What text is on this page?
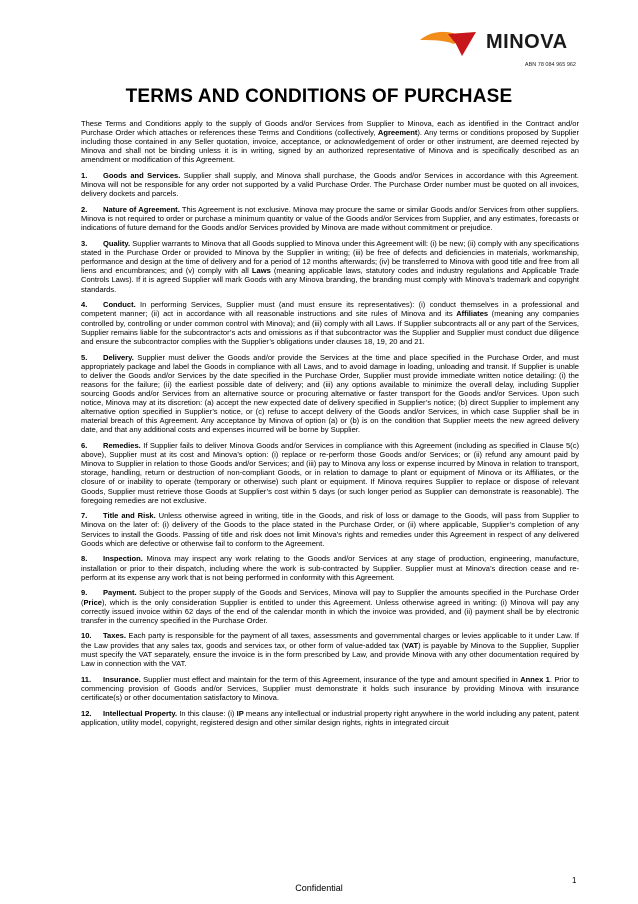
MINOVA
ABN 78 084 965 962
TERMS AND CONDITIONS OF PURCHASE

These Terms and Conditions apply to the supply of Goods and/or Services from Supplier to Minova, each as identified in the Contract and/or Purchase Order which attaches or references these Terms and Conditions (collectively, Agreement). Any terms or conditions proposed by Supplier including those contained in any Seller quotation, invoice, acceptance, or acknowledgement of order or other instrument, are deemed rejected by Minova and shall not be binding unless it is in writing, signed by an authorized representative of Minova and is specifically described as an amendment or modification of this Agreement.

1. Goods and Services. Supplier shall supply, and Minova shall purchase, the Goods and/or Services in accordance with this Agreement. Minova will not be responsible for any order not supported by a valid Purchase Order. The Purchase Order number must be quoted on all invoices, delivery dockets and parcels.

2. Nature of Agreement. This Agreement is not exclusive. Minova may procure the same or similar Goods and/or Services from other suppliers. Minova is not required to order or purchase a minimum quantity or value of the Goods and/or Services from Supplier, and any estimates, forecasts or indications of future demand for the Goods and/or Services provided by Minova are made without commitment or prejudice.

3. Quality. Supplier warrants to Minova that all Goods supplied to Minova under this Agreement will: (i) be new; (ii) comply with any specifications stated in the Purchase Order or provided to Minova by the Supplier in writing; (iii) be free of defects and deficiencies in materials, workmanship, performance and design at the time of delivery and for a period of 12 months afterwards; (iv) be transferred to Minova with good title and free from all liens and encumbrances; and (v) comply with all Laws (meaning applicable laws, statutory codes and industry regulations and Applicable Trade Controls Laws). If it is agreed Supplier will mark Goods with any Minova branding, the branding must comply with Minova’s trademark and copyright standards.

4. Conduct. In performing Services, Supplier must (and must ensure its representatives): (i) conduct themselves in a professional and competent manner; (ii) act in accordance with all reasonable instructions and site rules of Minova and its Affiliates (meaning any companies controlled by, controlling or under common control with Minova); and (iii) comply with all Laws. If Supplier subcontracts all or any part of the Services, Supplier remains liable for the subcontractor’s acts and omissions as if that subcontractor was the Supplier and Supplier must conduct due diligence and ensure the subcontractor complies with the Supplier’s obligations under clauses 18, 19, 20 and 21.

5. Delivery. Supplier must deliver the Goods and/or provide the Services at the time and place specified in the Purchase Order, and must appropriately package and label the Goods in compliance with all Laws, and to avoid damage in loading, unloading and transit. If Supplier is unable to deliver the Goods and/or Services by the date specified in the Purchase Order, Supplier must provide immediate written notice detailing: (i) the reasons for the failure; (ii) the earliest possible date of delivery; and (iii) any options available to minimize the overall delay, including Supplier sourcing Goods and/or Services from an alternative source or procuring alternative or faster transport for the Goods and/or Services. Upon such notice, Minova may at its discretion: (a) accept the new expected date of delivery specified in Supplier’s notice; (b) direct Supplier to implement any alternative option specified in Supplier’s notice, or (c) refuse to accept delivery of the Goods and/or Services, in which case Supplier shall be in material breach of this Agreement. Any acceptance by Minova of option (a) or (b) is on the condition that Supplier meets the new agreed delivery date, and that any additional costs and expenses incurred will be borne by Supplier.

6. Remedies. If Supplier fails to deliver Minova Goods and/or Services in compliance with this Agreement (including as specified in Clause 5(c) above), Supplier must at its cost and Minova’s option: (i) replace or re-perform those Goods and/or Services; or (ii) refund any amount paid by Minova to Supplier in relation to those Goods and/or Services; and (iii) pay to Minova any loss or expense incurred by Minova in relation to transport, storage, handling, return or destruction of non-compliant Goods, or in relation to damage to plant or equipment of Minova or its Affiliates, or the closure of or inability to operate (temporary or otherwise) such plant or equipment. If Minova requires Supplier to replace or dispose of relevant Goods, Supplier must retrieve those Goods at Supplier’s cost within 5 days (or such longer period as Supplier can demonstrate is reasonable). The foregoing remedies are not exclusive.

7. Title and Risk. Unless otherwise agreed in writing, title in the Goods, and risk of loss or damage to the Goods, will pass from Supplier to Minova on the later of: (i) delivery of the Goods to the place stated in the Purchase Order, or (ii) where applicable, Supplier’s completion of any Services to install the Goods. Passing of title and risk does not limit Minova’s rights and remedies under this Agreement in respect of any delivered Goods which are defective or otherwise fail to conform to the Agreement.

8. Inspection. Minova may inspect any work relating to the Goods and/or Services at any stage of production, engineering, manufacture, installation or prior to their dispatch, including where the work is sub-contracted by Supplier. Supplier must at Minova’s direction cease and re-perform at its expense any work that is not being performed in conformity with this Agreement.

9. Payment. Subject to the proper supply of the Goods and Services, Minova will pay to Supplier the amounts specified in the Purchase Order (Price), which is the only consideration Supplier is entitled to under this Agreement. Unless otherwise agreed in writing: (i) Minova will pay any correctly issued invoice within 62 days of the end of the calendar month in which the invoice was provided, and (ii) payment shall be by electronic transfer in the currency specified in the Purchase Order.

10. Taxes. Each party is responsible for the payment of all taxes, assessments and governmental charges or levies applicable to it under Law. If the Law provides that any sales tax, goods and services tax, or other form of value-added tax (VAT) is payable by Minova to the Supplier, Supplier must specify the VAT separately, ensure the invoice is in the form prescribed by Law, and provide Minova with any other documentation required by Law in connection with the VAT.

11. Insurance. Supplier must effect and maintain for the term of this Agreement, insurance of the type and amount specified in Annex 1. Prior to commencing provision of Goods and/or Services, Supplier must demonstrate it holds such insurance by providing Minova with insurance certificate(s) or other documentation satisfactory to Minova.

12. Intellectual Property. In this clause: (i) IP means any intellectual or industrial property right anywhere in the world including any patent, patent application, utility model, copyright, registered design and other similar design rights, rights in integrated circuit

1
Confidential
